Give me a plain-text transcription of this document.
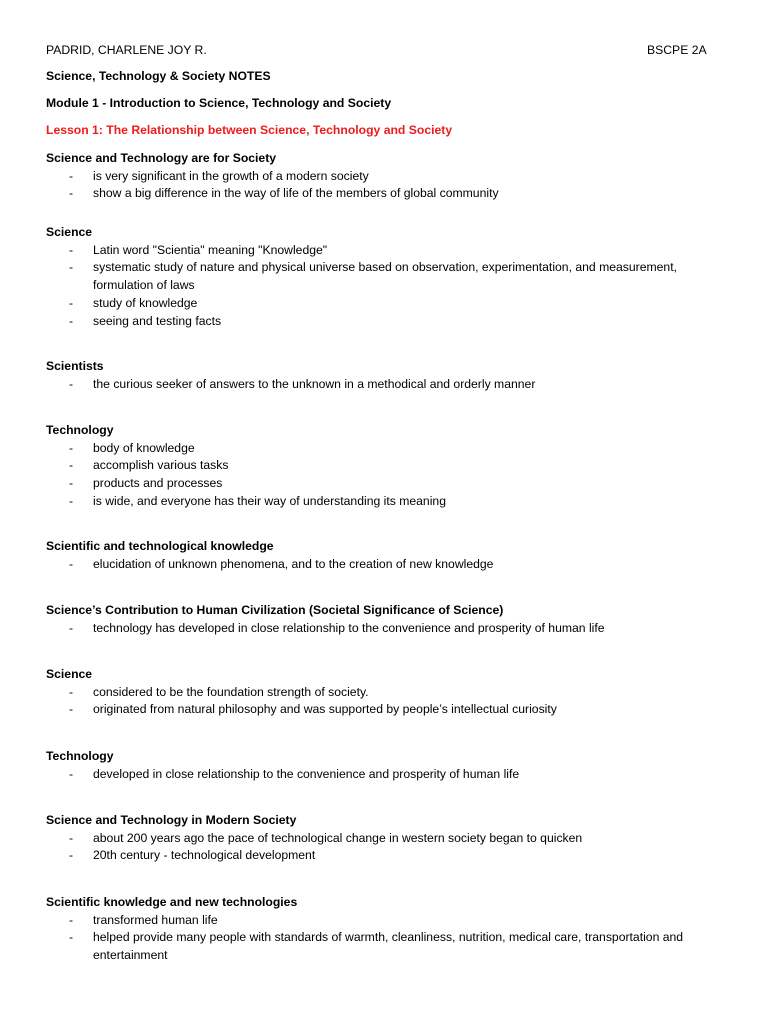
PADRID, CHARLENE JOY R.	BSCPE 2A
Science, Technology & Society NOTES
Module 1 - Introduction to Science, Technology and Society
Lesson 1: The Relationship between Science, Technology and Society
Science and Technology are for Society
- is very significant in the growth of a modern society
- show a big difference in the way of life of the members of global community
Science
- Latin word "Scientia" meaning "Knowledge"
- systematic study of nature and physical universe based on observation, experimentation, and measurement, formulation of laws
- study of knowledge
- seeing and testing facts
Scientists
- the curious seeker of answers to the unknown in a methodical and orderly manner
Technology
- body of knowledge
- accomplish various tasks
- products and processes
- is wide, and everyone has their way of understanding its meaning
Scientific and technological knowledge
- elucidation of unknown phenomena, and to the creation of new knowledge
Science’s Contribution to Human Civilization (Societal Significance of Science)
- technology has developed in close relationship to the convenience and prosperity of human life
Science
- considered to be the foundation strength of society.
- originated from natural philosophy and was supported by people’s intellectual curiosity
Technology
- developed in close relationship to the convenience and prosperity of human life
Science and Technology in Modern Society
- about 200 years ago the pace of technological change in western society began to quicken
- 20th century - technological development
Scientific knowledge and new technologies
- transformed human life
- helped provide many people with standards of warmth, cleanliness, nutrition, medical care, transportation and entertainment
